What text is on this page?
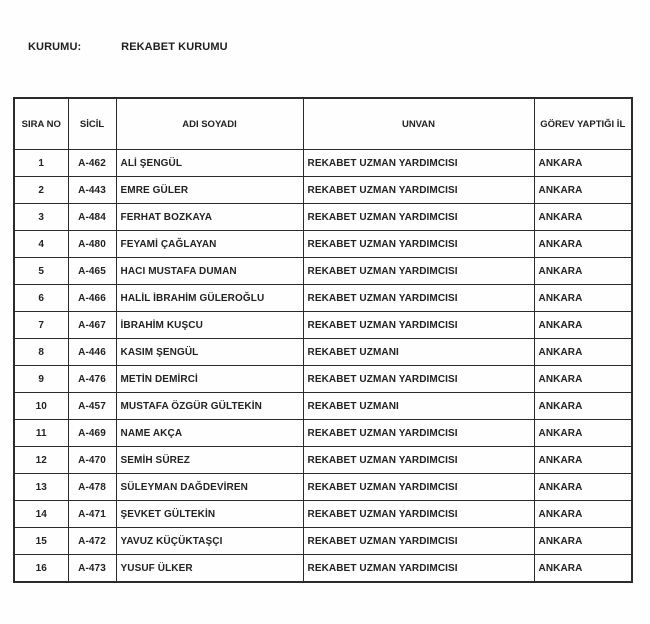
KURUMU:	REKABET KURUMU
SIRA NO	SİCİL	ADI SOYADI	UNVAN	GÖREV YAPTIĞI İL
1	A-462	ALİ ŞENGÜL	REKABET UZMAN YARDIMCISI	ANKARA
2	A-443	EMRE GÜLER	REKABET UZMAN YARDIMCISI	ANKARA
3	A-484	FERHAT BOZKAYA	REKABET UZMAN YARDIMCISI	ANKARA
4	A-480	FEYAMİ ÇAĞLAYAN	REKABET UZMAN YARDIMCISI	ANKARA
5	A-465	HACI MUSTAFA DUMAN	REKABET UZMAN YARDIMCISI	ANKARA
6	A-466	HALİL İBRAHİM GÜLEROĞLU	REKABET UZMAN YARDIMCISI	ANKARA
7	A-467	İBRAHİM KUŞCU	REKABET UZMAN YARDIMCISI	ANKARA
8	A-446	KASIM ŞENGÜL	REKABET UZMANI	ANKARA
9	A-476	METİN DEMİRCİ	REKABET UZMAN YARDIMCISI	ANKARA
10	A-457	MUSTAFA ÖZGÜR GÜLTEKİN	REKABET UZMANI	ANKARA
11	A-469	NAME AKÇA	REKABET UZMAN YARDIMCISI	ANKARA
12	A-470	SEMİH SÜREZ	REKABET UZMAN YARDIMCISI	ANKARA
13	A-478	SÜLEYMAN DAĞDEVİREN	REKABET UZMAN YARDIMCISI	ANKARA
14	A-471	ŞEVKET GÜLTEKİN	REKABET UZMAN YARDIMCISI	ANKARA
15	A-472	YAVUZ KÜÇÜKTAŞÇI	REKABET UZMAN YARDIMCISI	ANKARA
16	A-473	YUSUF ÜLKER	REKABET UZMAN YARDIMCISI	ANKARA
